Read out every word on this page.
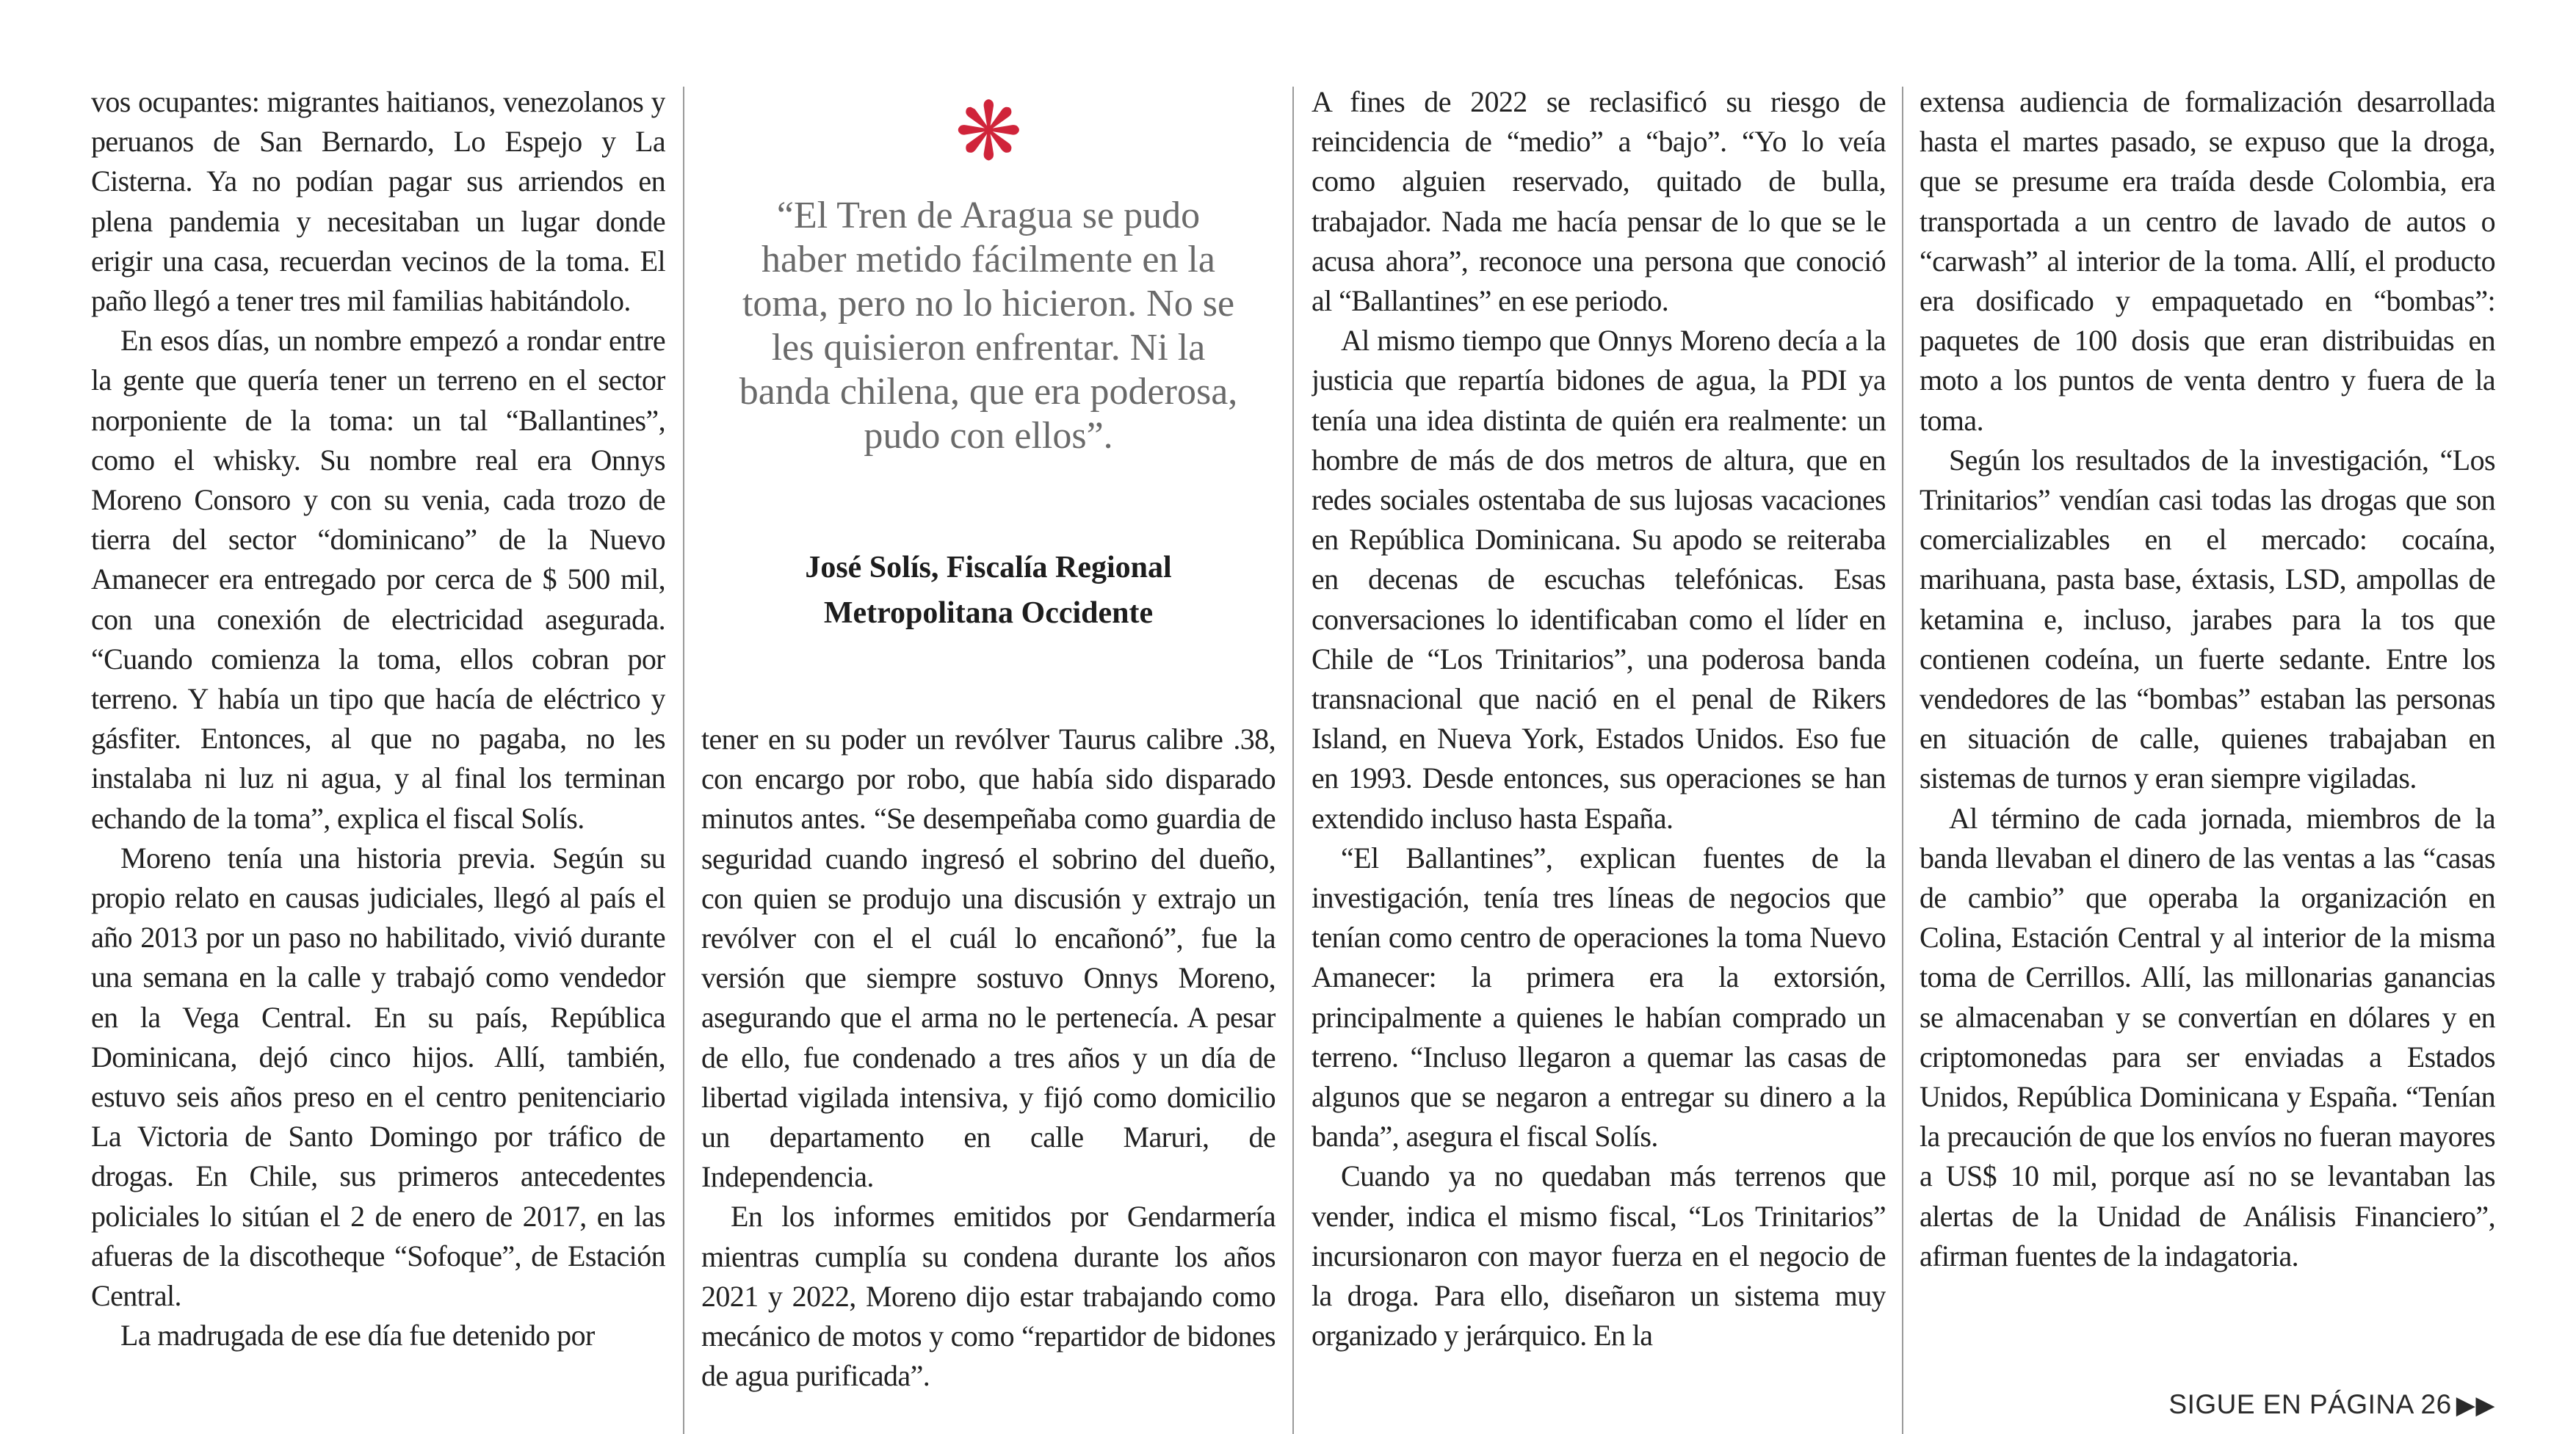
vos ocupantes: migrantes haitianos, venezolanos y peruanos de San Bernardo, Lo Espejo y La Cisterna. Ya no podían pagar sus arriendos en plena pandemia y necesitaban un lugar donde erigir una casa, recuerdan vecinos de la toma. El paño llegó a tener tres mil familias habitándolo.

En esos días, un nombre empezó a rondar entre la gente que quería tener un terreno en el sector norponiente de la toma: un tal “Ballantines”, como el whisky. Su nombre real era Onnys Moreno Consoro y con su venia, cada trozo de tierra del sector “dominicano” de la Nuevo Amanecer era entregado por cerca de $ 500 mil, con una conexión de electricidad asegurada. “Cuando comienza la toma, ellos cobran por terreno. Y había un tipo que hacía de eléctrico y gásfiter. Entonces, al que no pagaba, no les instalaba ni luz ni agua, y al final los terminan echando de la toma”, explica el fiscal Solís.

Moreno tenía una historia previa. Según su propio relato en causas judiciales, llegó al país el año 2013 por un paso no habilitado, vivió durante una semana en la calle y trabajó como vendedor en la Vega Central. En su país, República Dominicana, dejó cinco hijos. Allí, también, estuvo seis años preso en el centro penitenciario La Victoria de Santo Domingo por tráfico de drogas. En Chile, sus primeros antecedentes policiales lo sitúan el 2 de enero de 2017, en las afueras de la discotheque “Sofoque”, de Estación Central.

La madrugada de ese día fue detenido por

❋
“El Tren de Aragua se pudo haber metido fácilmente en la toma, pero no lo hicieron. No se les quisieron enfrentar. Ni la banda chilena, que era poderosa, pudo con ellos”.
José Solís, Fiscalía Regional
Metropolitana Occidente

tener en su poder un revólver Taurus calibre .38, con encargo por robo, que había sido disparado minutos antes. “Se desempeñaba como guardia de seguridad cuando ingresó el sobrino del dueño, con quien se produjo una discusión y extrajo un revólver con el el cuál lo encañonó”, fue la versión que siempre sostuvo Onnys Moreno, asegurando que el arma no le pertenecía. A pesar de ello, fue condenado a tres años y un día de libertad vigilada intensiva, y fijó como domicilio un departamento en calle Maruri, de Independencia.

En los informes emitidos por Gendarmería mientras cumplía su condena durante los años 2021 y 2022, Moreno dijo estar trabajando como mecánico de motos y como “repartidor de bidones de agua purificada”.

A fines de 2022 se reclasificó su riesgo de reincidencia de “medio” a “bajo”. “Yo lo veía como alguien reservado, quitado de bulla, trabajador. Nada me hacía pensar de lo que se le acusa ahora”, reconoce una persona que conoció al “Ballantines” en ese periodo.

Al mismo tiempo que Onnys Moreno decía a la justicia que repartía bidones de agua, la PDI ya tenía una idea distinta de quién era realmente: un hombre de más de dos metros de altura, que en redes sociales ostentaba de sus lujosas vacaciones en República Dominicana. Su apodo se reiteraba en decenas de escuchas telefónicas. Esas conversaciones lo identificaban como el líder en Chile de “Los Trinitarios”, una poderosa banda transnacional que nació en el penal de Rikers Island, en Nueva York, Estados Unidos. Eso fue en 1993. Desde entonces, sus operaciones se han extendido incluso hasta España.

“El Ballantines”, explican fuentes de la investigación, tenía tres líneas de negocios que tenían como centro de operaciones la toma Nuevo Amanecer: la primera era la extorsión, principalmente a quienes le habían comprado un terreno. “Incluso llegaron a quemar las casas de algunos que se negaron a entregar su dinero a la banda”, asegura el fiscal Solís.

Cuando ya no quedaban más terrenos que vender, indica el mismo fiscal, “Los Trinitarios” incursionaron con mayor fuerza en el negocio de la droga. Para ello, diseñaron un sistema muy organizado y jerárquico. En la

extensa audiencia de formalización desarrollada hasta el martes pasado, se expuso que la droga, que se presume era traída desde Colombia, era transportada a un centro de lavado de autos o “carwash” al interior de la toma. Allí, el producto era dosificado y empaquetado en “bombas”: paquetes de 100 dosis que eran distribuidas en moto a los puntos de venta dentro y fuera de la toma.

Según los resultados de la investigación, “Los Trinitarios” vendían casi todas las drogas que son comercializables en el mercado: cocaína, marihuana, pasta base, éxtasis, LSD, ampollas de ketamina e, incluso, jarabes para la tos que contienen codeína, un fuerte sedante. Entre los vendedores de las “bombas” estaban las personas en situación de calle, quienes trabajaban en sistemas de turnos y eran siempre vigiladas.

Al término de cada jornada, miembros de la banda llevaban el dinero de las ventas a las “casas de cambio” que operaba la organización en Colina, Estación Central y al interior de la misma toma de Cerrillos. Allí, las millonarias ganancias se almacenaban y se convertían en dólares y en criptomonedas para ser enviadas a Estados Unidos, República Dominicana y España. “Tenían la precaución de que los envíos no fueran mayores a US$ 10 mil, porque así no se levantaban las alertas de la Unidad de Análisis Financiero”, afirman fuentes de la indagatoria.

SIGUE EN PÁGINA 26 ▶▶
